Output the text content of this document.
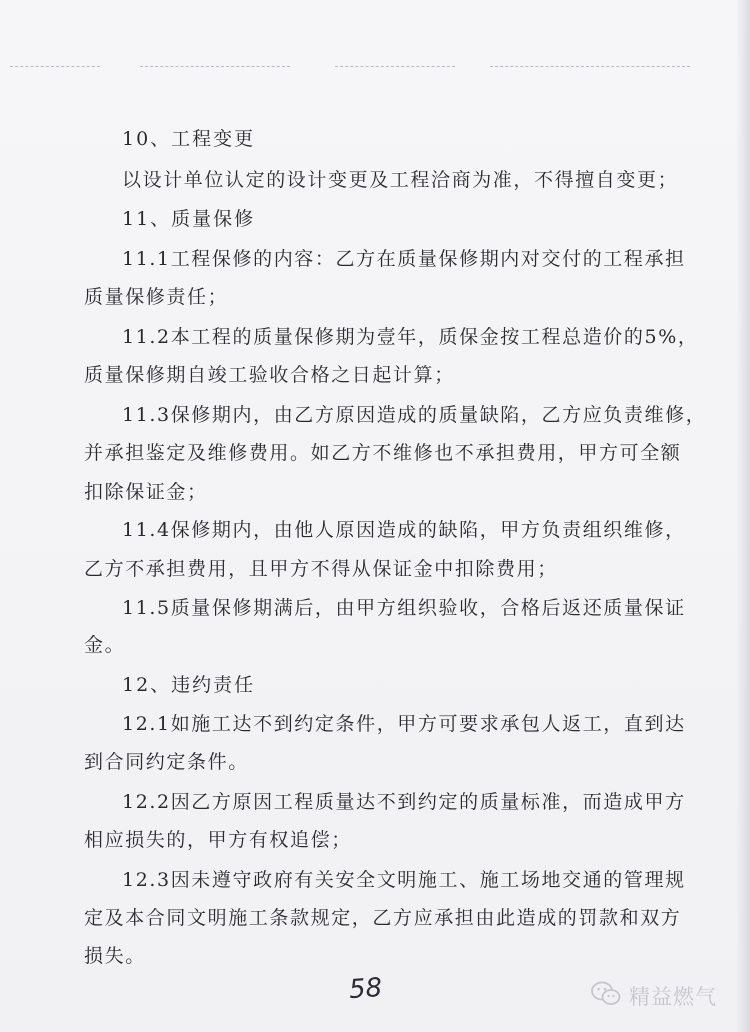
10、工程变更
以设计单位认定的设计变更及工程洽商为准，不得擅自变更；
11、质量保修
11.1工程保修的内容：乙方在质量保修期内对交付的工程承担
质量保修责任；
11.2本工程的质量保修期为壹年，质保金按工程总造价的5%，
质量保修期自竣工验收合格之日起计算；
11.3保修期内，由乙方原因造成的质量缺陷，乙方应负责维修，
并承担鉴定及维修费用。如乙方不维修也不承担费用，甲方可全额
扣除保证金；
11.4保修期内，由他人原因造成的缺陷，甲方负责组织维修，
乙方不承担费用，且甲方不得从保证金中扣除费用；
11.5质量保修期满后，由甲方组织验收，合格后返还质量保证
金。
12、违约责任
12.1如施工达不到约定条件，甲方可要求承包人返工，直到达
到合同约定条件。
12.2因乙方原因工程质量达不到约定的质量标准，而造成甲方
相应损失的，甲方有权追偿；
12.3因未遵守政府有关安全文明施工、施工场地交通的管理规
定及本合同文明施工条款规定，乙方应承担由此造成的罚款和双方
损失。
58	精益燃气
